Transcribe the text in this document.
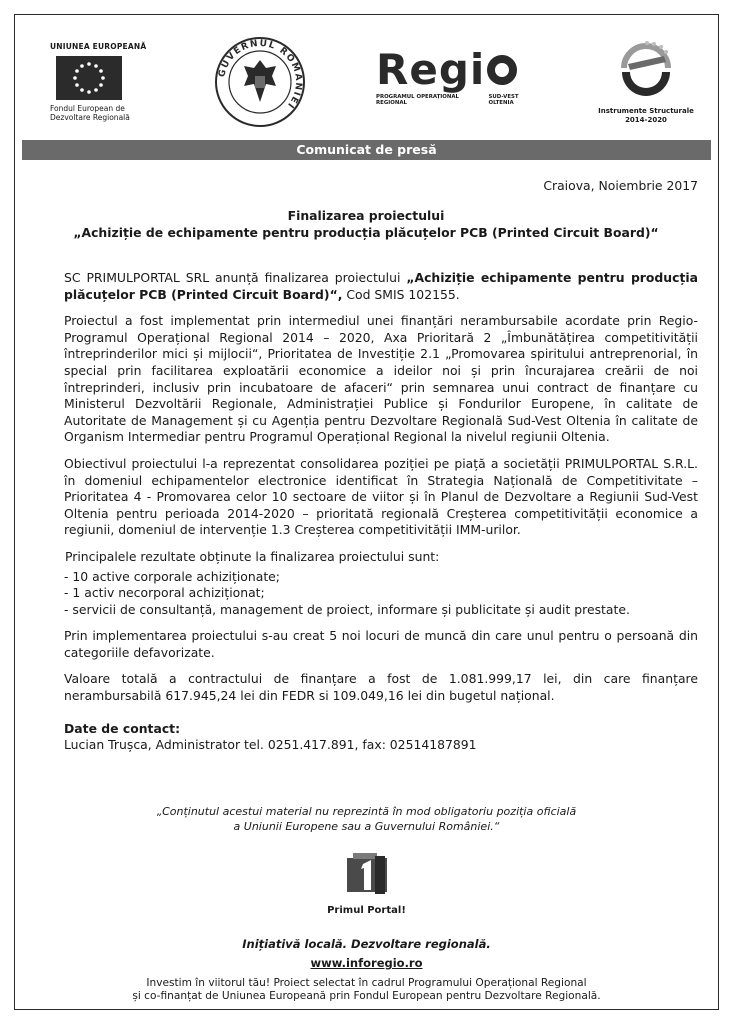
UNIUNEA EUROPEANĂ
Fondul European de
Dezvoltare Regională
GUVERNUL ROMÂNIEI
Regi
PROGRAMUL OPERAȚIONAL REGIONAL
SUD-VEST OLTENIA
Instrumente Structurale
2014-2020
Comunicat de presă
Craiova, Noiembrie 2017
Finalizarea proiectului
„Achiziție de echipamente pentru producția plăcuțelor PCB (Printed Circuit Board)“

SC PRIMULPORTAL SRL anunță finalizarea proiectului „Achiziție echipamente pentru producția plăcuțelor PCB (Printed Circuit Board)“, Cod SMIS 102155.

Proiectul a fost implementat prin intermediul unei finanțări nerambursabile acordate prin Regio-Programul Operațional Regional 2014 – 2020, Axa Prioritară 2 „Îmbunătățirea competitivității întreprinderilor mici și mijlocii“, Prioritatea de Investiție 2.1 „Promovarea spiritului antreprenorial, în special prin facilitarea exploatării economice a ideilor noi și prin încurajarea creării de noi întreprinderi, inclusiv prin incubatoare de afaceri“ prin semnarea unui contract de finanțare cu Ministerul Dezvoltării Regionale, Administrației Publice și Fondurilor Europene, în calitate de Autoritate de Management și cu Agenția pentru Dezvoltare Regională Sud-Vest Oltenia în calitate de Organism Intermediar pentru Programul Operațional Regional la nivelul regiunii Oltenia.

Obiectivul proiectului l-a reprezentat consolidarea poziției pe piață a societății PRIMULPORTAL S.R.L. în domeniul echipamentelor electronice identificat în Strategia Națională de Competitivitate – Prioritatea 4 - Promovarea celor 10 sectoare de viitor și în Planul de Dezvoltare a Regiunii Sud-Vest Oltenia pentru perioada 2014-2020 – prioritată regională Creșterea competitivității economice a regiunii, domeniul de intervenție 1.3 Creșterea competitivității IMM-urilor.

Principalele rezultate obținute la finalizarea proiectului sunt:
- 10 active corporale achiziționate;
- 1 activ necorporal achiziționat;
- servicii de consultanță, management de proiect, informare și publicitate și audit prestate.

Prin implementarea proiectului s-au creat 5 noi locuri de muncă din care unul pentru o persoană din categoriile defavorizate.

Valoare totală a contractului de finanțare a fost de 1.081.999,17 lei, din care finanțare nerambursabilă 617.945,24 lei din FEDR si 109.049,16 lei din bugetul național.

Date de contact:
Lucian Trușca, Administrator tel. 0251.417.891, fax: 02514187891
„Conținutul acestui material nu reprezintă în mod obligatoriu poziția oficială
a Uniunii Europene sau a Guvernului României.“
Primul Portal!
Inițiativă locală. Dezvoltare regională.
www.inforegio.ro
Investim în viitorul tău! Proiect selectat în cadrul Programului Operațional Regional
și co-finanțat de Uniunea Europeană prin Fondul European pentru Dezvoltare Regională.
